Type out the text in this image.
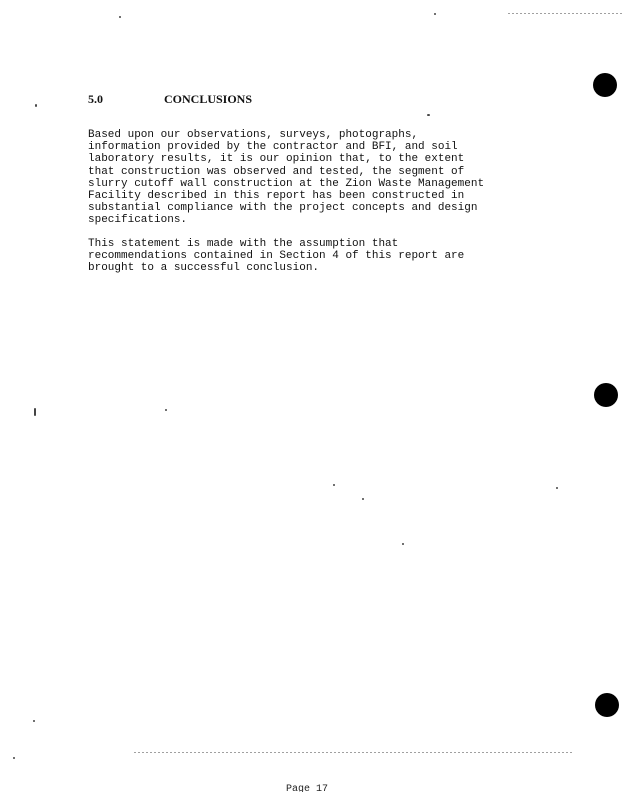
5.0	CONCLUSIONS
Based upon our observations, surveys, photographs,
information provided by the contractor and BFI, and soil
laboratory results, it is our opinion that, to the extent
that construction was observed and tested, the segment of
slurry cutoff wall construction at the Zion Waste Management
Facility described in this report has been constructed in
substantial compliance with the project concepts and design
specifications.
This statement is made with the assumption that
recommendations contained in Section 4 of this report are
brought to a successful conclusion.
Page 17
